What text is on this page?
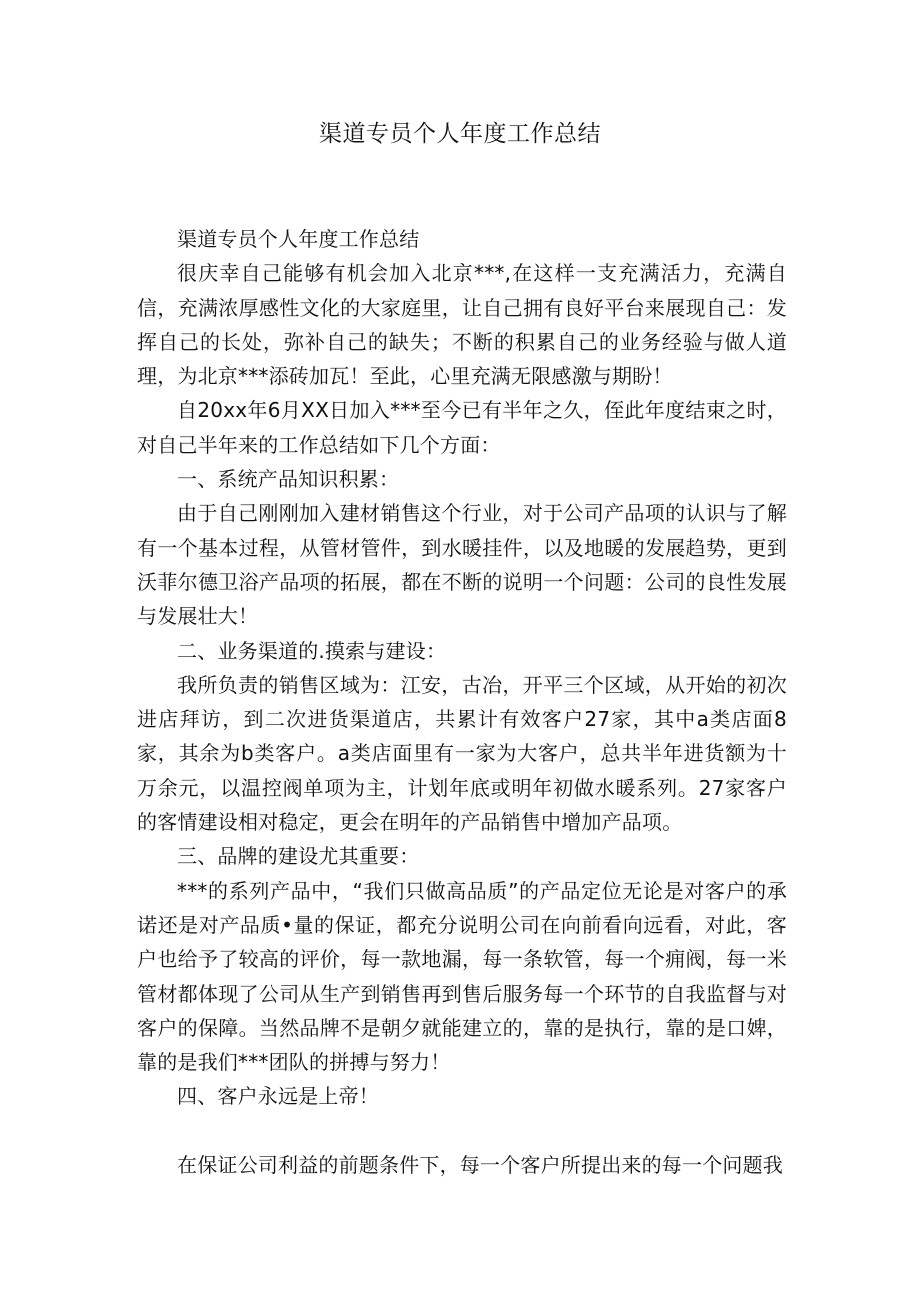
渠道专员个人年度工作总结

渠道专员个人年度工作总结

很庆幸自己能够有机会加入北京***,在这样一支充满活力，充满自信，充满浓厚感性文化的大家庭里，让自己拥有良好平台来展现自己：发挥自己的长处，弥补自己的缺失；不断的积累自己的业务经验与做人道理，为北京***添砖加瓦！至此，心里充满无限感激与期盼！

自20xx年6月XX日加入***至今已有半年之久，侄此年度结束之时，对自己半年来的工作总结如下几个方面：

一、系统产品知识积累：

由于自己刚刚加入建材销售这个行业，对于公司产品项的认识与了解有一个基本过程，从管材管件，到水暖挂件，以及地暖的发展趋势，更到沃菲尔德卫浴产品项的拓展，都在不断的说明一个问题：公司的良性发展与发展壮大！

二、业务渠道的.摸索与建设：

我所负责的销售区域为：江安，古冶，开平三个区域，从开始的初次进店拜访，到二次进货渠道店，共累计有效客户27家，其中a类店面8家，其余为b类客户。a类店面里有一家为大客户，总共半年进货额为十万余元，以温控阀单项为主，计划年底或明年初做水暖系列。27家客户的客情建设相对稳定，更会在明年的产品销售中增加产品项。

三、品牌的建设尤其重要：

***的系列产品中，“我们只做高品质”的产品定位无论是对客户的承诺还是对产品质•量的保证，都充分说明公司在向前看向远看，对此，客户也给予了较高的评价，每一款地漏，每一条软管，每一个痈阀，每一米管材都体现了公司从生产到销售再到售后服务每一个环节的自我监督与对客户的保障。当然品牌不是朝夕就能建立的，靠的是执行，靠的是口婢，靠的是我们***团队的拼搏与努力！

四、客户永远是上帝！

在保证公司利益的前题条件下，每一个客户所提出来的每一个问题我
